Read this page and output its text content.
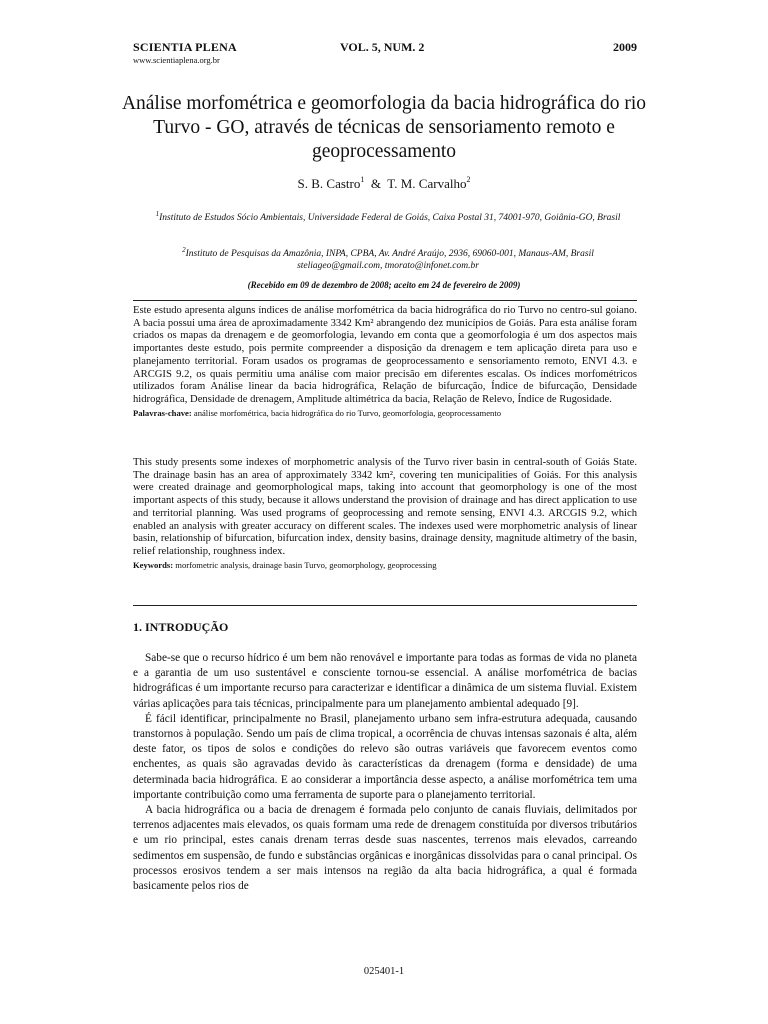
SCIENTIA PLENA
www.scientiaplena.org.br
VOL. 5, NUM. 2	2009
Análise morfométrica e geomorfologia da bacia hidrográfica do rio Turvo - GO, através de técnicas de sensoriamento remoto e geoprocessamento
S. B. Castro$^1$ & T. M. Carvalho$^2$
$^1$Instituto de Estudos Sócio Ambientais, Universidade Federal de Goiás, Caixa Postal 31, 74001-970, Goiânia-GO, Brasil
$^2$Instituto de Pesquisas da Amazônia, INPA, CPBA, Av. André Araújo, 2936, 69060-001, Manaus-AM, Brasil
steliageo@gmail.com, tmorato@infonet.com.br
(Recebido em 09 de dezembro de 2008; aceito em 24 de fevereiro de 2009)
Este estudo apresenta alguns índices de análise morfométrica da bacia hidrográfica do rio Turvo no centro-sul goiano. A bacia possui uma área de aproximadamente 3342 Km² abrangendo dez municípios de Goiás. Para esta análise foram criados os mapas da drenagem e de geomorfologia, levando em conta que a geomorfologia é um dos aspectos mais importantes deste estudo, pois permite compreender a disposição da drenagem e tem aplicação direta para uso e planejamento territorial. Foram usados os programas de geoprocessamento e sensoriamento remoto, ENVI 4.3. e ARCGIS 9.2, os quais permitiu uma análise com maior precisão em diferentes escalas. Os índices morfométricos utilizados foram Análise linear da bacia hidrográfica, Relação de bifurcação, Índice de bifurcação, Densidade hidrográfica, Densidade de drenagem, Amplitude altimétrica da bacia, Relação de Relevo, Índice de Rugosidade.
Palavras-chave: análise morfométrica, bacia hidrográfica do rio Turvo, geomorfologia, geoprocessamento
This study presents some indexes of morphometric analysis of the Turvo river basin in central-south of Goiás State. The drainage basin has an area of approximately 3342 km², covering ten municipalities of Goiás. For this analysis were created drainage and geomorphological maps, taking into account that geomorphology is one of the most important aspects of this study, because it allows understand the provision of drainage and has direct application to use and territorial planning. Was used programs of geoprocessing and remote sensing, ENVI 4.3. ARCGIS 9.2, which enabled an analysis with greater accuracy on different scales. The indexes used were morphometric analysis of linear basin, relationship of bifurcation, bifurcation index, density basins, drainage density, magnitude altimetry of the basin, relief relationship, roughness index.
Keywords: morfometric analysis, drainage basin Turvo, geomorphology, geoprocessing
1. INTRODUÇÃO

Sabe-se que o recurso hídrico é um bem não renovável e importante para todas as formas de vida no planeta e a garantia de um uso sustentável e consciente tornou-se essencial. A análise morfométrica de bacias hidrográficas é um importante recurso para caracterizar e identificar a dinâmica de um sistema fluvial. Existem várias aplicações para tais técnicas, principalmente para um planejamento ambiental adequado [9].

É fácil identificar, principalmente no Brasil, planejamento urbano sem infra-estrutura adequada, causando transtornos à população. Sendo um país de clima tropical, a ocorrência de chuvas intensas sazonais é alta, além deste fator, os tipos de solos e condições do relevo são outras variáveis que favorecem eventos como enchentes, as quais são agravadas devido às características da drenagem (forma e densidade) de uma determinada bacia hidrográfica. E ao considerar a importância desse aspecto, a análise morfométrica tem uma importante contribuição como uma ferramenta de suporte para o planejamento territorial.

A bacia hidrográfica ou a bacia de drenagem é formada pelo conjunto de canais fluviais, delimitados por terrenos adjacentes mais elevados, os quais formam uma rede de drenagem constituída por diversos tributários e um rio principal, estes canais drenam terras desde suas nascentes, terrenos mais elevados, carreando sedimentos em suspensão, de fundo e substâncias orgânicas e inorgânicas dissolvidas para o canal principal. Os processos erosivos tendem a ser mais intensos na região da alta bacia hidrográfica, a qual é formada basicamente pelos rios de

025401-1
